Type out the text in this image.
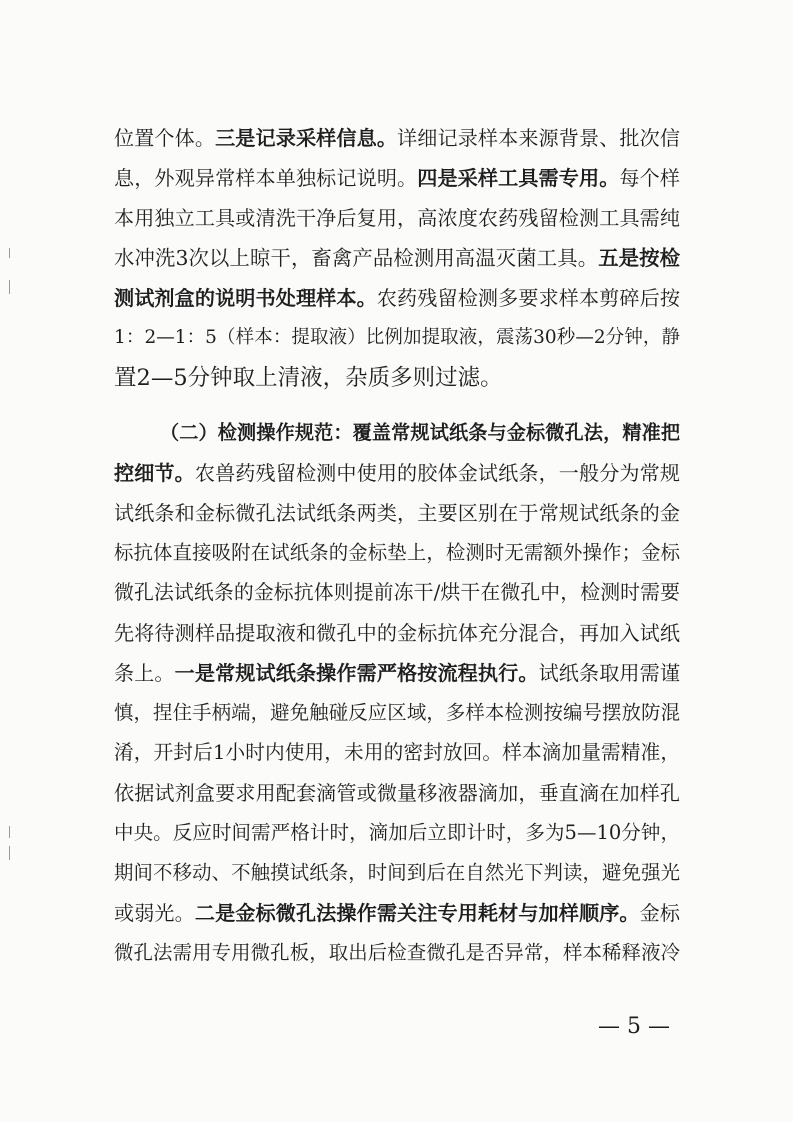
位置个体。三是记录采样信息。详细记录样本来源背景、批次信
息，外观异常样本单独标记说明。四是采样工具需专用。每个样
本用独立工具或清洗干净后复用，高浓度农药残留检测工具需纯
水冲洗3次以上晾干，畜禽产品检测用高温灭菌工具。五是按检
测试剂盒的说明书处理样本。农药残留检测多要求样本剪碎后按
1：2—1：5（样本：提取液）比例加提取液，震荡30秒—2分钟，静
置2—5分钟取上清液，杂质多则过滤。
（二）检测操作规范：覆盖常规试纸条与金标微孔法，精准把
控细节。农兽药残留检测中使用的胶体金试纸条，一般分为常规
试纸条和金标微孔法试纸条两类，主要区别在于常规试纸条的金
标抗体直接吸附在试纸条的金标垫上，检测时无需额外操作；金标
微孔法试纸条的金标抗体则提前冻干/烘干在微孔中，检测时需要
先将待测样品提取液和微孔中的金标抗体充分混合，再加入试纸
条上。一是常规试纸条操作需严格按流程执行。试纸条取用需谨
慎，捏住手柄端，避免触碰反应区域，多样本检测按编号摆放防混
淆，开封后1小时内使用，未用的密封放回。样本滴加量需精准，
依据试剂盒要求用配套滴管或微量移液器滴加，垂直滴在加样孔
中央。反应时间需严格计时，滴加后立即计时，多为5—10分钟，
期间不移动、不触摸试纸条，时间到后在自然光下判读，避免强光
或弱光。二是金标微孔法操作需关注专用耗材与加样顺序。金标
微孔法需用专用微孔板，取出后检查微孔是否异常，样本稀释液冷
— 5 —
